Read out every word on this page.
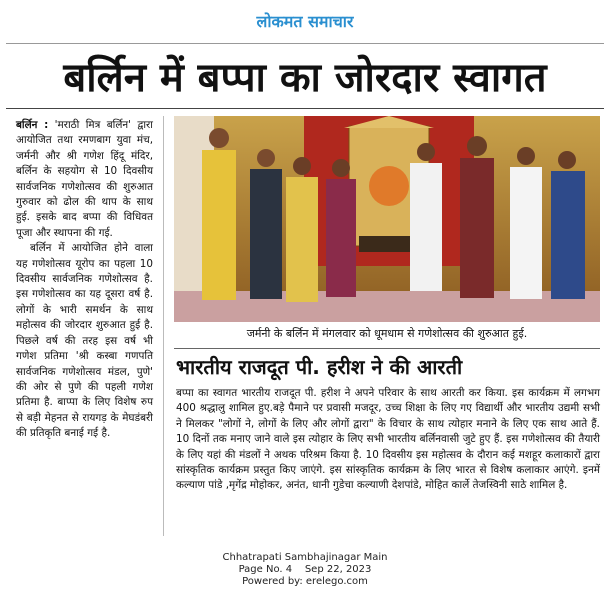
लोकमत समाचार
बर्लिन में बप्पा का जोरदार स्वागत

बर्लिन : 'मराठी मित्र बर्लिन' द्वारा आयोजित तथा रमणबाग युवा मंच, जर्मनी और श्री गणेश हिंदू मंदिर, बर्लिन के सहयोग से 10 दिवसीय सार्वजनिक गणेशोत्सव की शुरुआत गुरुवार को ढोल की थाप के साथ हुई. इसके बाद बप्पा की विधिवत पूजा और स्थापना की गई.

बर्लिन में आयोजित होने वाला यह गणेशोत्सव यूरोप का पहला 10 दिवसीय सार्वजनिक गणेशोत्सव है. इस गणेशोत्सव का यह दूसरा वर्ष है. लोगों के भारी समर्थन के साथ महोत्सव की जोरदार शुरुआत हुई है. पिछले वर्ष की तरह इस वर्ष भी गणेश प्रतिमा 'श्री कस्बा गणपति सार्वजनिक गणेशोत्सव मंडल, पुणे' की ओर से पुणे की पहली गणेश प्रतिमा है. बाप्पा के लिए विशेष रुप से बड़ी मेहनत से रायगड़ के मेघडंबरी की प्रतिकृति बनाई गई है.

जर्मनी के बर्लिन में मंगलवार को धूमधाम से गणेशोत्सव की शुरुआत हुई.
भारतीय राजदूत पी. हरीश ने की आरती
बप्पा का स्वागत भारतीय राजदूत पी. हरीश ने अपने परिवार के साथ आरती कर किया. इस कार्यक्रम में लगभग 400 श्रद्धालु शामिल हुए.बड़े पैमाने पर प्रवासी मजदूर, उच्च शिक्षा के लिए गए विद्यार्थी और भारतीय उद्यमी सभी ने मिलकर "लोगों ने, लोगों के लिए और लोगों द्वारा" के विचार के साथ त्योहार मनाने के लिए एक साथ आते हैं. 10 दिनों तक मनाए जाने वाले इस त्योहार के लिए सभी भारतीय बर्लिनवासी जुटे हुए हैं. इस गणेशोत्सव की तैयारी के लिए यहां की मंडलों ने अथक परिश्रम किया है. 10 दिवसीय इस महोत्सव के दौरान कई मशहूर कलाकारों द्वारा सांस्कृतिक कार्यक्रम प्रस्तुत किए जाएंगे. इस सांस्कृतिक कार्यक्रम के लिए भारत से विशेष कलाकार आएंगे. इनमें कल्याण पांडे ,मृगेंद्र मोहोकर, अनंत, धानी गुडेचा कल्याणी देशपांडे, मोहित कार्ले तेजस्विनी साठे शामिल है.
Chhatrapati Sambhajinagar Main
Page No. 4    Sep 22, 2023
Powered by: erelego.com
